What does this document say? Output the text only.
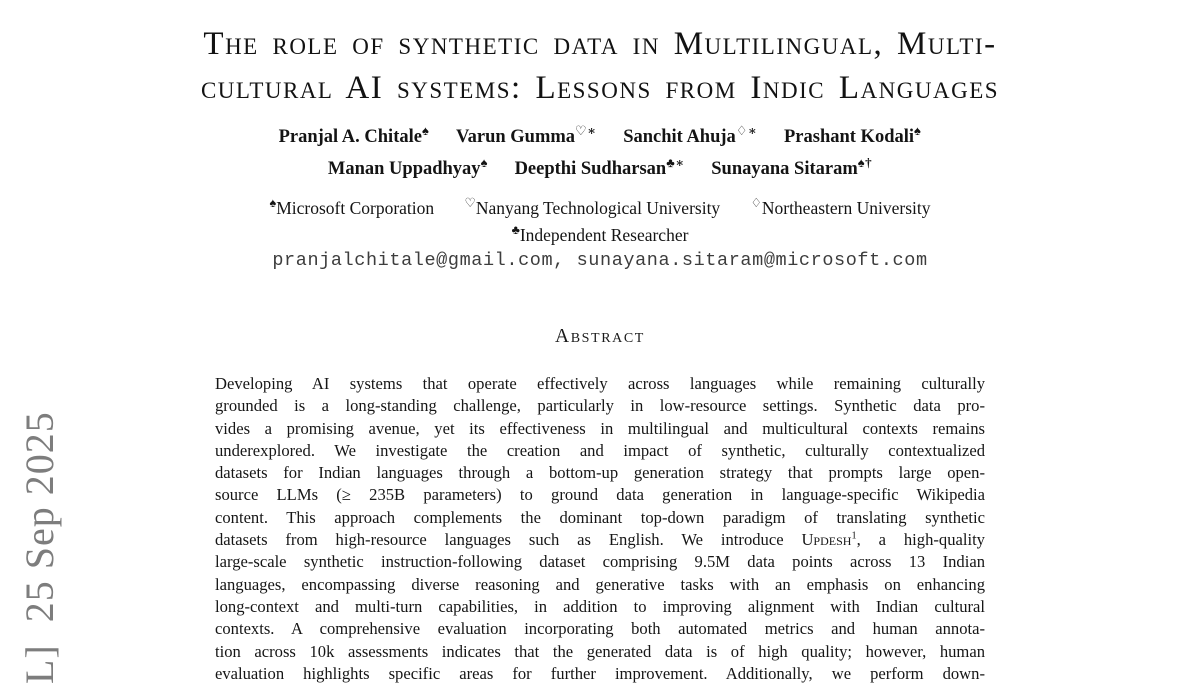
L]  25 Sep 2025
The role of synthetic data in Multilingual, Multi-
cultural AI systems: Lessons from Indic Languages
Pranjal A. Chitale♠ Varun Gumma♡∗ Sanchit Ahuja♢∗ Prashant Kodali♠
Manan Uppadhyay♠ Deepthi Sudharsan♣∗ Sunayana Sitaram♠†
♠Microsoft Corporation ♡Nanyang Technological University ♢Northeastern University
♣Independent Researcher
pranjalchitale@gmail.com, sunayana.sitaram@microsoft.com
Abstract
Developing AI systems that operate effectively across languages while remaining culturally
grounded is a long-standing challenge, particularly in low-resource settings. Synthetic data pro-
vides a promising avenue, yet its effectiveness in multilingual and multicultural contexts remains
underexplored. We investigate the creation and impact of synthetic, culturally contextualized
datasets for Indian languages through a bottom-up generation strategy that prompts large open-
source LLMs (≥ 235B parameters) to ground data generation in language-specific Wikipedia
content. This approach complements the dominant top-down paradigm of translating synthetic
datasets from high-resource languages such as English. We introduce Updesh$^1$, a high-quality
large-scale synthetic instruction-following dataset comprising 9.5M data points across 13 Indian
languages, encompassing diverse reasoning and generative tasks with an emphasis on enhancing
long-context and multi-turn capabilities, in addition to improving alignment with Indian cultural
contexts. A comprehensive evaluation incorporating both automated metrics and human annota-
tion across 10k assessments indicates that the generated data is of high quality; however, human
evaluation highlights specific areas for further improvement. Additionally, we perform down-
